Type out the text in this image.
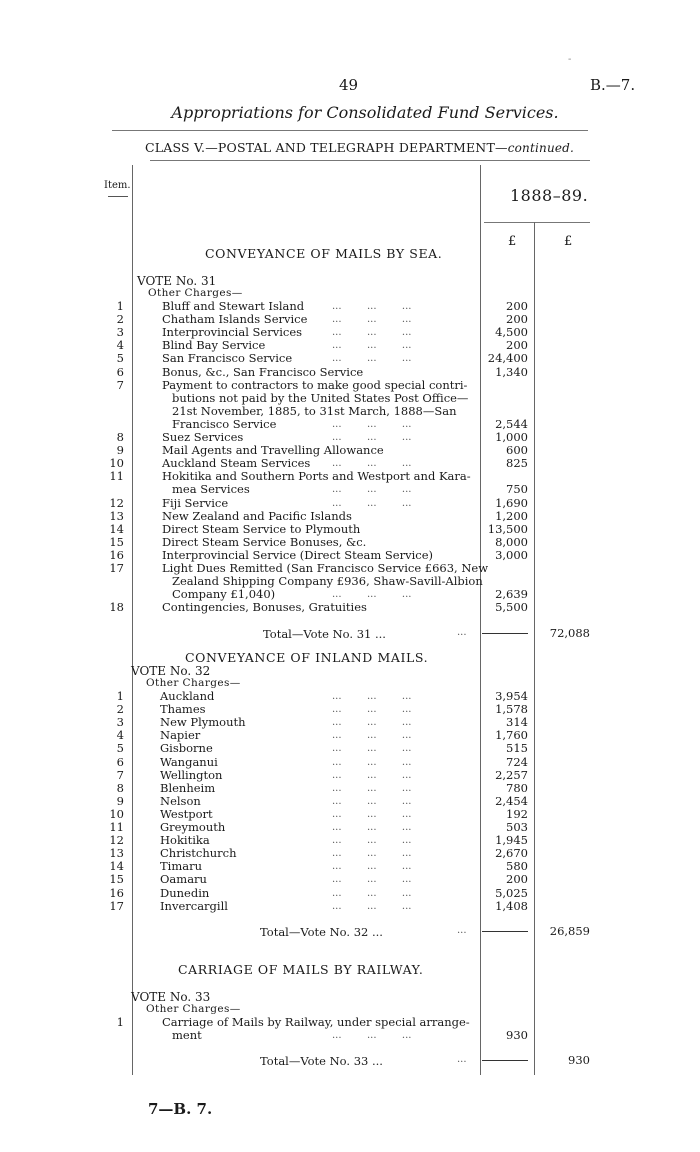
-
49	B.—7.
Appropriations for Consolidated Fund Services.
CLASS V.—POSTAL AND TELEGRAPH DEPARTMENT—continued.
Item.
1888–89.
£	£
CONVEYANCE OF MAILS BY SEA.
VOTE No. 31
Other Charges—
1	Bluff and Stewart Island	...        ...        ...	200
2	Chatham Islands Service ...        ...        ...	200
3	Interprovincial Services	...        ...        ...	4,500
4	Blind Bay Service	...        ...        ...	200
5	San Francisco Service	...        ...        ...	24,400
6	Bonus, &c., San Francisco Service	1,340
7	Payment to contractors to make good special contri-
butions not paid by the United States Post Office—
21st November, 1885, to 31st March, 1888—San
Francisco Service	...        ...        ...	2,544
8	Suez Services	...        ...        ...	1,000
9	Mail Agents and Travelling Allowance	600
10	Auckland Steam Services ...        ...        ...	825
11	Hokitika and Southern Ports and Westport and Kara-
mea Services	...        ...        ...	750
12	Fiji Service	...        ...        ...	1,690
13	New Zealand and Pacific Islands	1,200
14	Direct Steam Service to Plymouth	13,500
15	Direct Steam Service Bonuses, &c.	8,000
16	Interprovincial Service (Direct Steam Service)	3,000
17	Light Dues Remitted (San Francisco Service £663, New
Zealand Shipping Company £936, Shaw-Savill-Albion
Company £1,040)	...        ...        ...	2,639
18	Contingencies, Bonuses, Gratuities	5,500
Total—Vote No. 31 ...	...	72,088
CONVEYANCE OF INLAND MAILS.
VOTE No. 32
Other Charges—
1	Auckland	...        ...        ...	3,954
2	Thames	...        ...        ...	1,578
3	New Plymouth	...        ...        ...	314
4	Napier	...        ...        ...	1,760
5	Gisborne	...        ...        ...	515
6	Wanganui	...        ...        ...	724
7	Wellington	...        ...        ...	2,257
8	Blenheim	...        ...        ...	780
9	Nelson	...        ...        ...	2,454
10	Westport	...        ...        ...	192
11	Greymouth	...        ...        ...	503
12	Hokitika	...        ...        ...	1,945
13	Christchurch	...        ...        ...	2,670
14	Timaru	...        ...        ...	580
15	Oamaru	...        ...        ...	200
16	Dunedin	...        ...        ...	5,025
17	Invercargill	...        ...        ...	1,408
Total—Vote No. 32 ...	...	26,859
CARRIAGE OF MAILS BY RAILWAY.
VOTE No. 33
Other Charges—
1	Carriage of Mails by Railway, under special arrange-
ment	...        ...        ...	930
Total—Vote No. 33 ...	...	930
7—B. 7.
